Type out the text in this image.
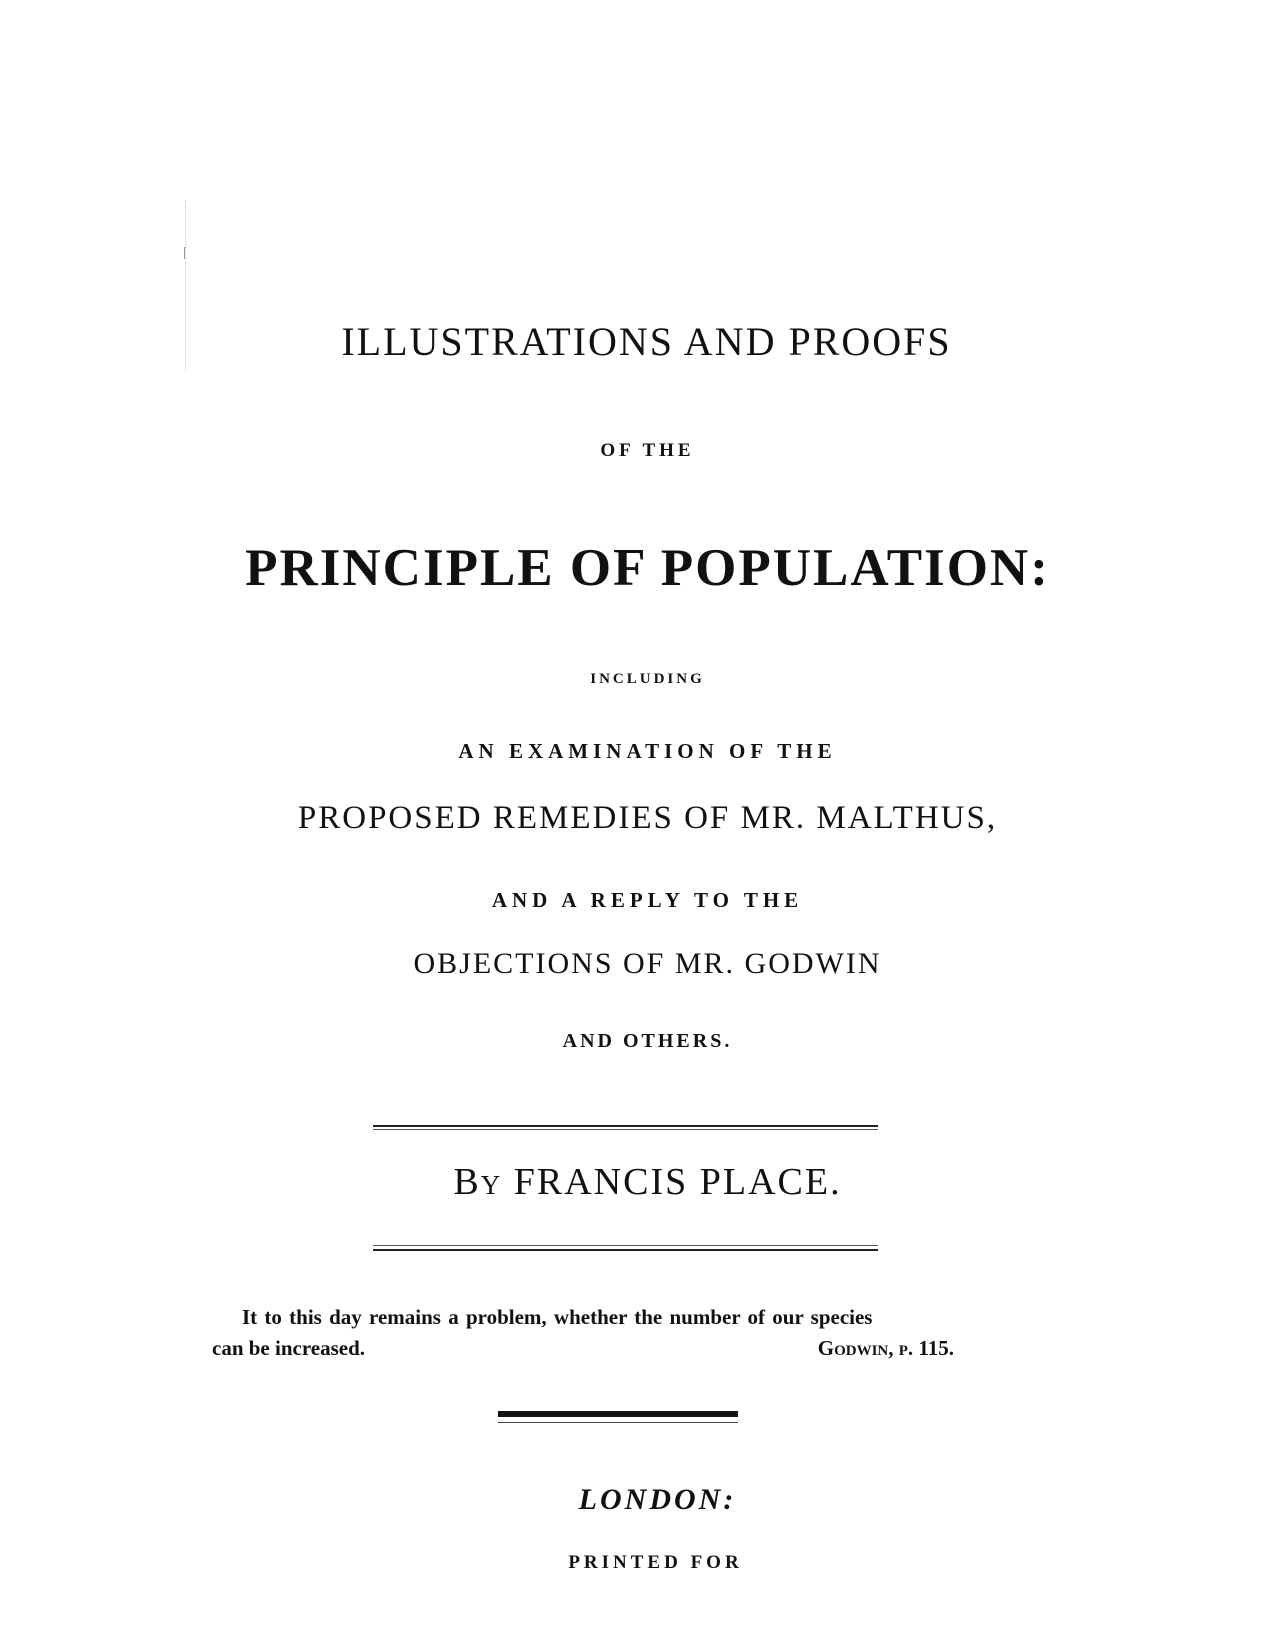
ILLUSTRATIONS AND PROOFS
OF THE
PRINCIPLE OF POPULATION:
INCLUDING
AN EXAMINATION OF THE
PROPOSED REMEDIES OF MR. MALTHUS,
AND A REPLY TO THE
OBJECTIONS OF MR. GODWIN
AND OTHERS.
By FRANCIS PLACE.
It to this day remains a problem, whether the number of our species
can be increased.	Godwin, p. 115.
LONDON:
PRINTED FOR
